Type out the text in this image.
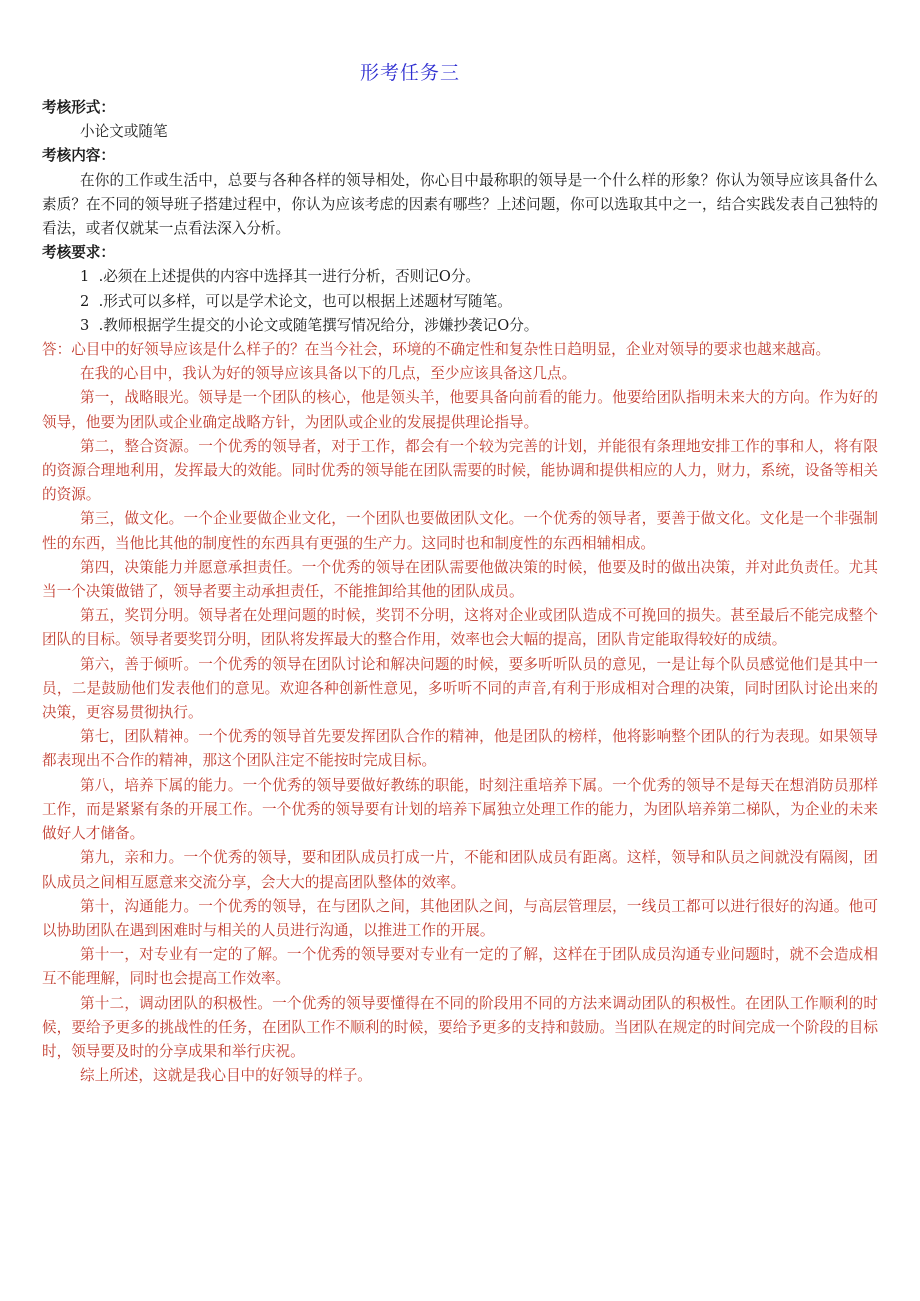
形考任务三

考核形式：

小论文或随笔

考核内容：

在你的工作或生活中，总要与各种各样的领导相处，你心目中最称职的领导是一个什么样的形象？你认为领导应该具备什么素质？在不同的领导班子搭建过程中，你认为应该考虑的因素有哪些？上述问题，你可以选取其中之一，结合实践发表自己独特的看法，或者仅就某一点看法深入分析。

考核要求：

1  .必须在上述提供的内容中选择其一进行分析，否则记O分。

2  .形式可以多样，可以是学术论文，也可以根据上述题材写随笔。

3  .教师根据学生提交的小论文或随笔撰写情况给分，涉嫌抄袭记O分。

答：心目中的好领导应该是什么样子的？在当今社会，环境的不确定性和复杂性日趋明显，企业对领导的要求也越来越高。

在我的心目中，我认为好的领导应该具备以下的几点，至少应该具备这几点。

第一，战略眼光。领导是一个团队的核心，他是领头羊，他要具备向前看的能力。他要给团队指明未来大的方向。作为好的领导，他要为团队或企业确定战略方针，为团队或企业的发展提供理论指导。

第二，整合资源。一个优秀的领导者，对于工作，都会有一个较为完善的计划，并能很有条理地安排工作的事和人，将有限的资源合理地利用，发挥最大的效能。同时优秀的领导能在团队需要的时候，能协调和提供相应的人力，财力，系统，设备等相关的资源。

第三，做文化。一个企业要做企业文化，一个团队也要做团队文化。一个优秀的领导者，要善于做文化。文化是一个非强制性的东西，当他比其他的制度性的东西具有更强的生产力。这同时也和制度性的东西相辅相成。

第四，决策能力并愿意承担责任。一个优秀的领导在团队需要他做决策的时候，他要及时的做出决策，并对此负责任。尤其当一个决策做错了，领导者要主动承担责任，不能推卸给其他的团队成员。

第五，奖罚分明。领导者在处理问题的时候，奖罚不分明，这将对企业或团队造成不可挽回的损失。甚至最后不能完成整个团队的目标。领导者要奖罚分明，团队将发挥最大的整合作用，效率也会大幅的提高，团队肯定能取得较好的成绩。

第六，善于倾听。一个优秀的领导在团队讨论和解决问题的时候，要多听听队员的意见，一是让每个队员感觉他们是其中一员，二是鼓励他们发表他们的意见。欢迎各种创新性意见，多听听不同的声音,有利于形成相对合理的决策，同时团队讨论出来的决策，更容易贯彻执行。

第七，团队精神。一个优秀的领导首先要发挥团队合作的精神，他是团队的榜样，他将影响整个团队的行为表现。如果领导都表现出不合作的精神，那这个团队注定不能按时完成目标。

第八，培养下属的能力。一个优秀的领导要做好教练的职能，时刻注重培养下属。一个优秀的领导不是每天在想消防员那样工作，而是紧紧有条的开展工作。一个优秀的领导要有计划的培养下属独立处理工作的能力，为团队培养第二梯队，为企业的未来做好人才储备。

第九，亲和力。一个优秀的领导，要和团队成员打成一片，不能和团队成员有距离。这样，领导和队员之间就没有隔阂，团队成员之间相互愿意来交流分享，会大大的提高团队整体的效率。

第十，沟通能力。一个优秀的领导，在与团队之间，其他团队之间，与高层管理层，一线员工都可以进行很好的沟通。他可以协助团队在遇到困难时与相关的人员进行沟通，以推进工作的开展。

第十一，对专业有一定的了解。一个优秀的领导要对专业有一定的了解，这样在于团队成员沟通专业问题时，就不会造成相互不能理解，同时也会提高工作效率。

第十二，调动团队的积极性。一个优秀的领导要懂得在不同的阶段用不同的方法来调动团队的积极性。在团队工作顺利的时候，要给予更多的挑战性的任务，在团队工作不顺利的时候，要给予更多的支持和鼓励。当团队在规定的时间完成一个阶段的目标时，领导要及时的分享成果和举行庆祝。

综上所述，这就是我心目中的好领导的样子。
